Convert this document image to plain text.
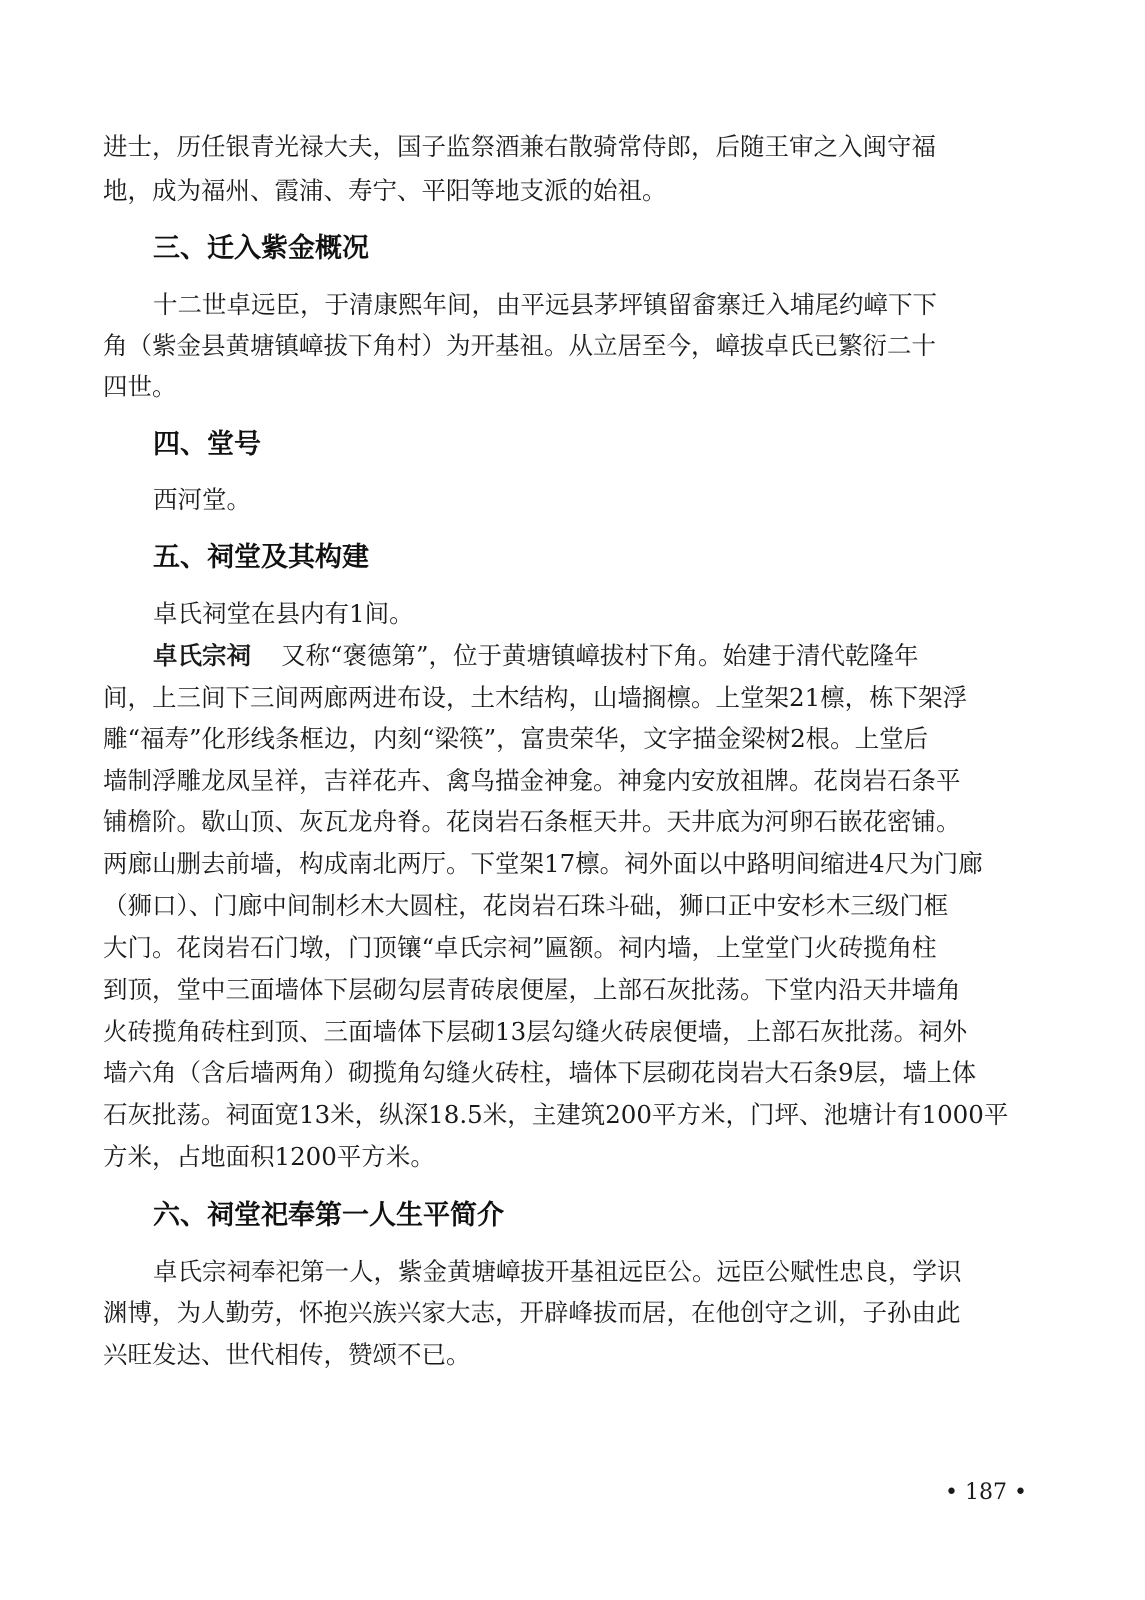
进士，历任银青光禄大夫，国子监祭酒兼右散骑常侍郎，后随王审之入闽守福
地，成为福州、霞浦、寿宁、平阳等地支派的始祖。
三、迁入紫金概况
十二世卓远臣，于清康熙年间，由平远县茅坪镇留畲寨迁入埔尾约嶂下下
角（紫金县黄塘镇嶂拔下角村）为开基祖。从立居至今，嶂拔卓氏已繁衍二十
四世。
四、堂号
西河堂。
五、祠堂及其构建
卓氏祠堂在县内有1间。
卓氏宗祠 又称“褒德第”，位于黄塘镇嶂拔村下角。始建于清代乾隆年
间，上三间下三间两廊两进布设，土木结构，山墙搁檩。上堂架21檩，栋下架浮
雕“福寿”化形线条框边，内刻“梁筷”，富贵荣华，文字描金梁树2根。上堂后
墙制浮雕龙凤呈祥，吉祥花卉、禽鸟描金神龛。神龛内安放祖牌。花岗岩石条平
铺檐阶。歇山顶、灰瓦龙舟脊。花岗岩石条框天井。天井底为河卵石嵌花密铺。
两廊山删去前墙，构成南北两厅。下堂架17檩。祠外面以中路明间缩进4尺为门廊
（狮口）、门廊中间制杉木大圆柱，花岗岩石珠斗础，狮口正中安杉木三级门框
大门。花岗岩石门墩，门顶镶“卓氏宗祠”匾额。祠内墙，上堂堂门火砖揽角柱
到顶，堂中三面墙体下层砌勾层青砖扆便屋，上部石灰批荡。下堂内沿天井墙角
火砖揽角砖柱到顶、三面墙体下层砌13层勾缝火砖扆便墙，上部石灰批荡。祠外
墙六角（含后墙两角）砌揽角勾缝火砖柱，墙体下层砌花岗岩大石条9层，墙上体
石灰批荡。祠面宽13米，纵深18.5米，主建筑200平方米，门坪、池塘计有1000平
方米，占地面积1200平方米。
六、祠堂祀奉第一人生平简介
卓氏宗祠奉祀第一人，紫金黄塘嶂拔开基祖远臣公。远臣公赋性忠良，学识
渊博，为人勤劳，怀抱兴族兴家大志，开辟峰拔而居，在他创守之训，子孙由此
兴旺发达、世代相传，赞颂不已。
• 187 •
